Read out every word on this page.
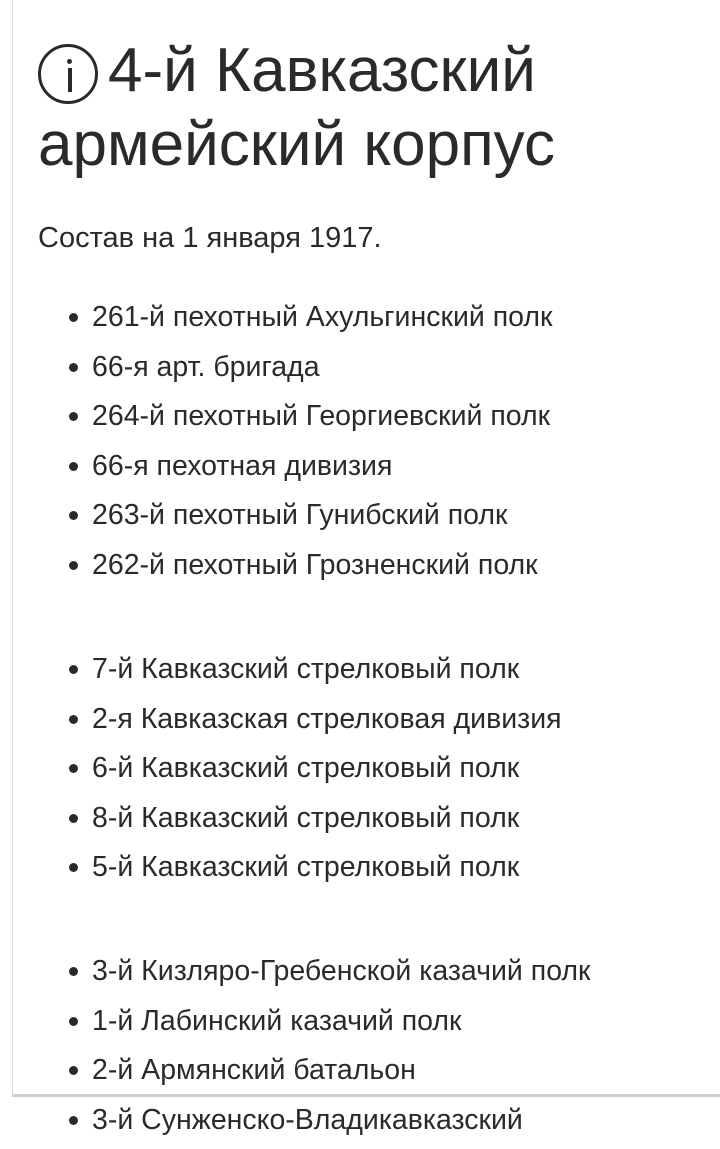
4-й Кавказский армейский корпус

Состав на 1 января 1917.

261-й пехотный Ахульгинский полк
66-я арт. бригада
264-й пехотный Георгиевский полк
66-я пехотная дивизия
263-й пехотный Гунибский полк
262-й пехотный Грозненский полк
7-й Кавказский стрелковый полк
2-я Кавказская стрелковая дивизия
6-й Кавказский стрелковый полк
8-й Кавказский стрелковый полк
5-й Кавказский стрелковый полк
3-й Кизляро-Гребенской казачий полк
1-й Лабинский казачий полк
2-й Армянский батальон
3-й Сунженско-Владикавказский
